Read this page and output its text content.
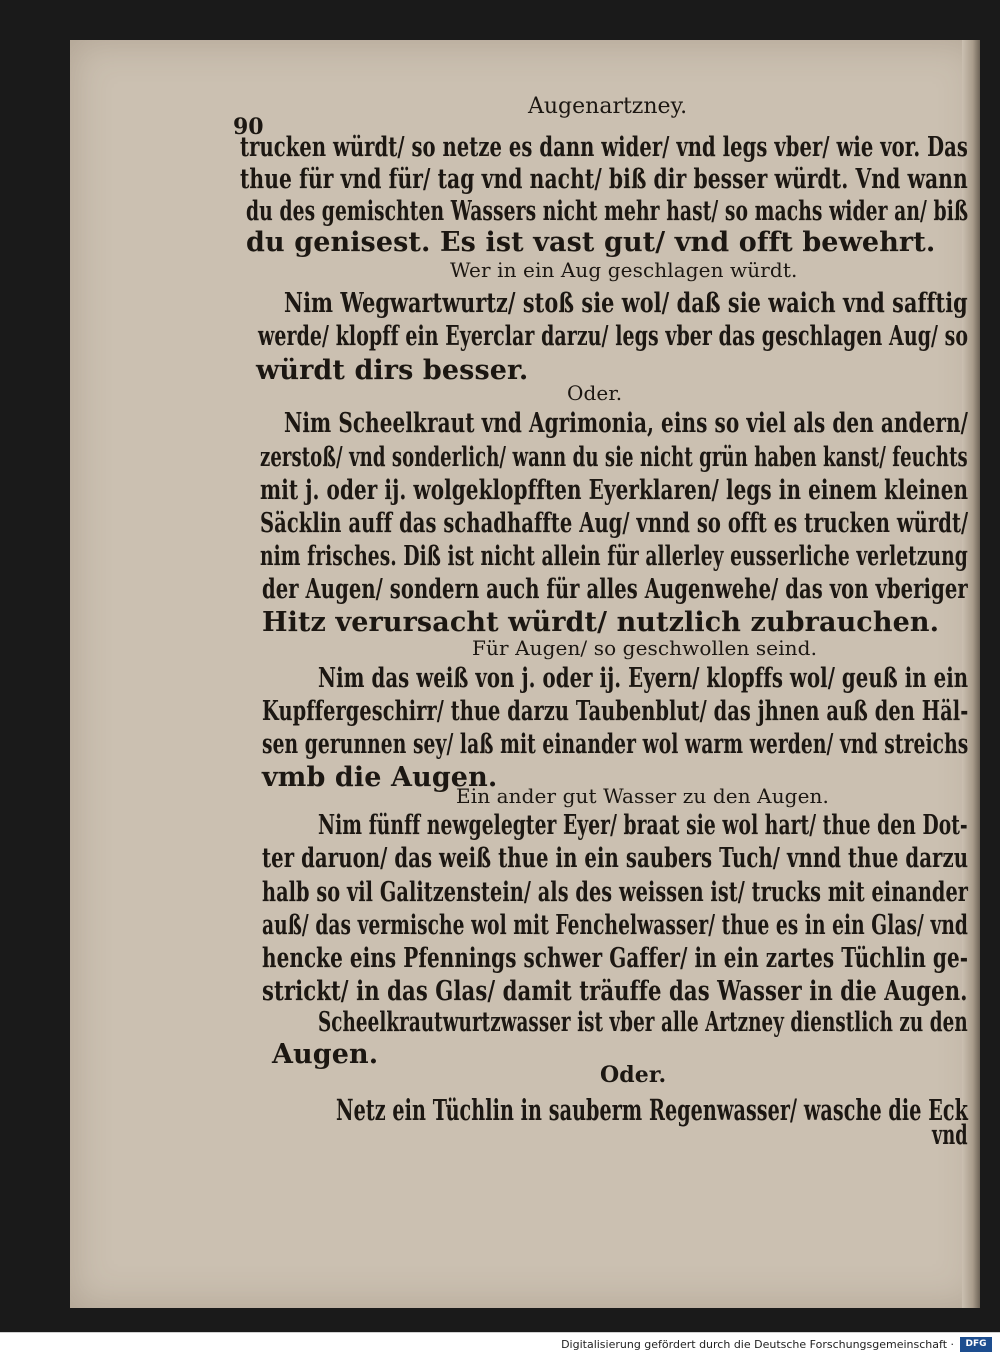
90
Augenartzney.
trucken würdt/ so netze es dann wider/ vnd legs vber/ wie vor. Das
thue für vnd für/ tag vnd nacht/ biß dir besser würdt. Vnd wann
du des gemischten Wassers nicht mehr hast/ so machs wider an/ biß
du genisest. Es ist vast gut/ vnd offt bewehrt.
Wer in ein Aug geschlagen würdt.
Nim Wegwartwurtz/ stoß sie wol/ daß sie waich vnd safftig
werde/ klopff ein Eyerclar darzu/ legs vber das geschlagen Aug/ so
würdt dirs besser.
Oder.
Nim Scheelkraut vnd Agrimonia, eins so viel als den andern/
zerstoß/ vnd sonderlich/ wann du sie nicht grün haben kanst/ feuchts
mit j. oder ij. wolgeklopfften Eyerklaren/ legs in einem kleinen
Säcklin auff das schadhaffte Aug/ vnnd so offt es trucken würdt/
nim frisches. Diß ist nicht allein für allerley eusserliche verletzung
der Augen/ sondern auch für alles Augenwehe/ das von vberiger
Hitz verursacht würdt/ nutzlich zubrauchen.
Für Augen/ so geschwollen seind.
Nim das weiß von j. oder ij. Eyern/ klopffs wol/ geuß in ein
Kupffergeschirr/ thue darzu Taubenblut/ das jhnen auß den Häl-
sen gerunnen sey/ laß mit einander wol warm werden/ vnd streichs
vmb die Augen.
Ein ander gut Wasser zu den Augen.
Nim fünff newgelegter Eyer/ braat sie wol hart/ thue den Dot-
ter daruon/ das weiß thue in ein saubers Tuch/ vnnd thue darzu
halb so vil Galitzenstein/ als des weissen ist/ trucks mit einander
auß/ das vermische wol mit Fenchelwasser/ thue es in ein Glas/ vnd
hencke eins Pfennings schwer Gaffer/ in ein zartes Tüchlin ge-
strickt/ in das Glas/ damit träuffe das Wasser in die Augen.
Scheelkrautwurtzwasser ist vber alle Artzney dienstlich zu den
Augen.
Oder.
Netz ein Tüchlin in sauberm Regenwasser/ wasche die Eck
vnd
Digitalisierung gefördert durch die Deutsche Forschungsgemeinschaft ·	DFG
